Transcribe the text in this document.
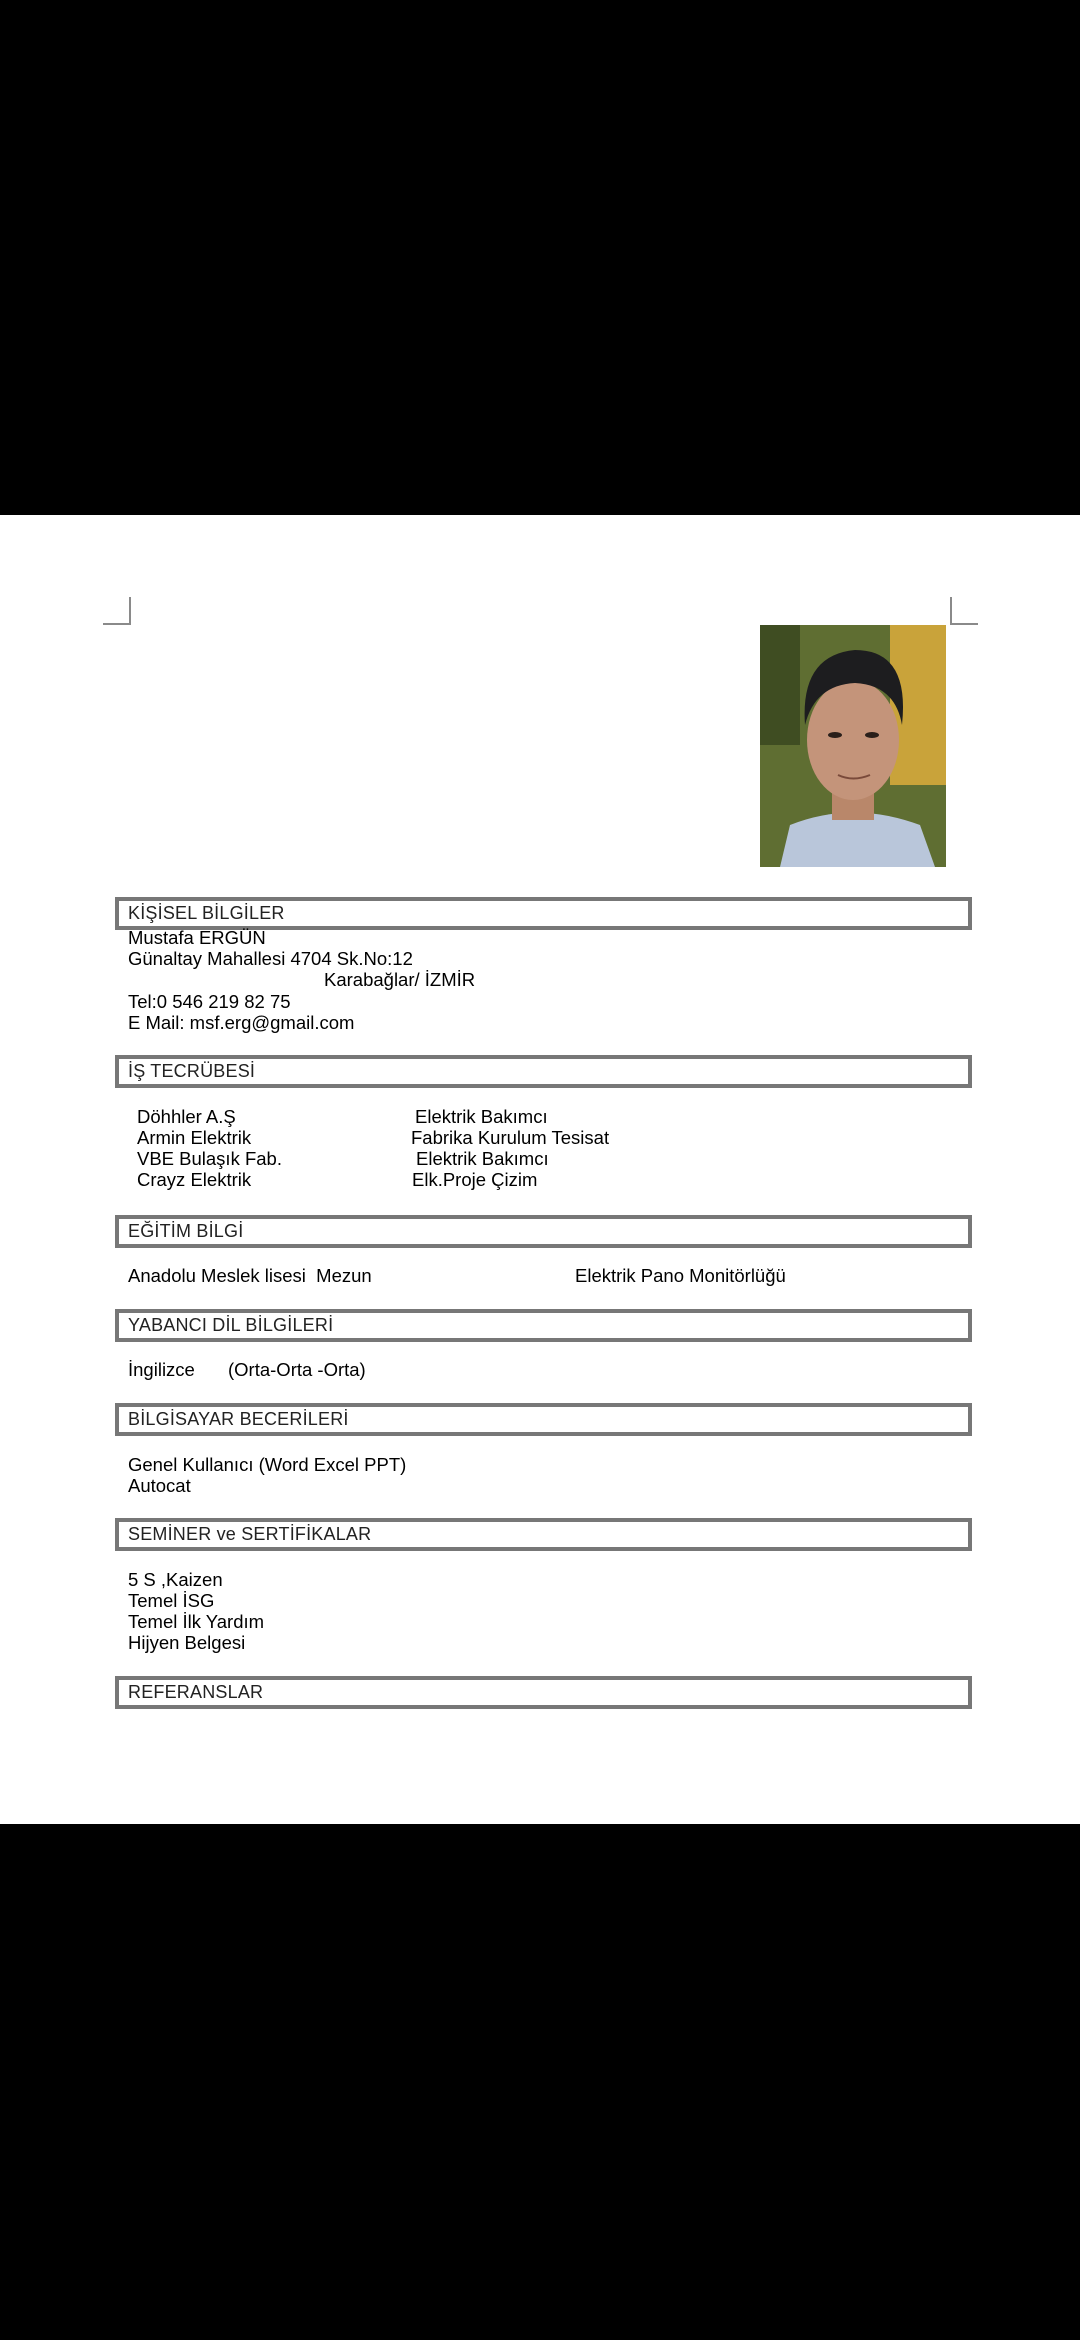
KİŞİSEL BİLGİLER
Mustafa ERGÜN
Günaltay Mahallesi 4704 Sk.No:12
Karabağlar/ İZMİR
Tel:0 546 219 82 75
E Mail: msf.erg@gmail.com
İŞ TECRÜBESİ
Döhhler A.Ş	Elektrik Bakımcı
Armin Elektrik	Fabrika Kurulum Tesisat
VBE Bulaşık Fab.	Elektrik Bakımcı
Crayz Elektrik	Elk.Proje Çizim
EĞİTİM BİLGİ
Anadolu Meslek lisesi  Mezun	Elektrik Pano Monitörlüğü
YABANCI DİL BİLGİLERİ
İngilizce (Orta-Orta -Orta)
BİLGİSAYAR BECERİLERİ
Genel Kullanıcı (Word Excel PPT)
Autocat
SEMİNER ve SERTİFİKALAR
5 S ,Kaizen
Temel İSG
Temel İlk Yardım
Hijyen Belgesi
REFERANSLAR
